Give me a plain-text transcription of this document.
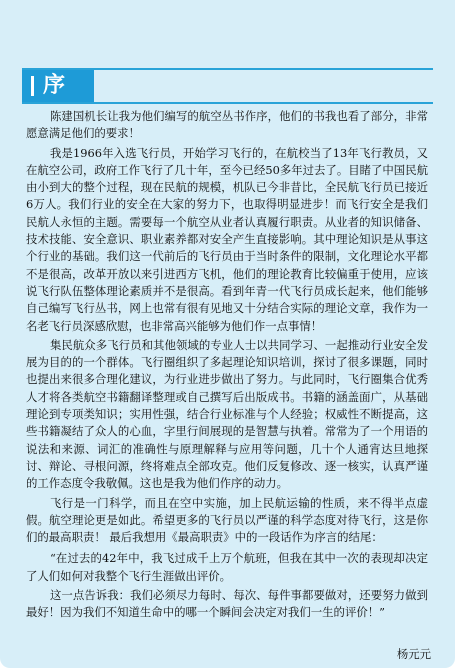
序

陈建国机长让我为他们编写的航空丛书作序，他们的书我也看了部分，非常愿意满足他们的要求！

我是1966年入选飞行员，开始学习飞行的，在航校当了13年飞行教员，又在航空公司，政府工作飞行了几十年，至今已经50多年过去了。目睹了中国民航由小到大的整个过程，现在民航的规模，机队已今非昔比，全民航飞行员已接近6万人。我们行业的安全在大家的努力下，也取得明显进步！而飞行安全是我们民航人永恒的主题。需要每一个航空从业者认真履行职责。从业者的知识储备、技术技能、安全意识、职业素养都对安全产生直接影响。其中理论知识是从事这个行业的基础。我们这一代前后的飞行员由于当时条件的限制，文化理论水平都不是很高，改革开放以来引进西方飞机，他们的理论教育比较偏重于使用，应该说飞行队伍整体理论素质并不是很高。看到年青一代飞行员成长起来，他们能够自己编写飞行丛书，网上也常有很有见地又十分结合实际的理论文章，我作为一名老飞行员深感欣慰，也非常高兴能够为他们作一点事情！

集民航众多飞行员和其他领域的专业人士以共同学习、一起推动行业安全发展为目的的一个群体。飞行圈组织了多起理论知识培训，探讨了很多课题，同时也提出来很多合理化建议，为行业进步做出了努力。与此同时，飞行圈集合优秀人才将各类航空书籍翻译整理或自己撰写后出版成书。书籍的涵盖面广，从基础理论到专项类知识；实用性强，结合行业标准与个人经验；权威性不断提高，这些书籍凝结了众人的心血，字里行间展现的是智慧与执着。常常为了一个用语的说法和来源、词汇的准确性与原理解释与应用等问题，几十个人通宵达旦地探讨、辩论、寻根问源，终将难点全部攻克。他们反复修改、逐一核实，认真严谨的工作态度令我敬佩。这也是我为他们作序的动力。

飞行是一门科学，而且在空中实施，加上民航运输的性质，来不得半点虚假。航空理论更是如此。希望更多的飞行员以严谨的科学态度对待飞行，这是你们的最高职责！ 最后我想用《最高职责》中的一段话作为序言的结尾：

“在过去的42年中，我飞过成千上万个航班，但我在其中一次的表现却决定了人们如何对我整个飞行生涯做出评价。

这一点告诉我：我们必须尽力每时、每次、每件事都要做对，还要努力做到最好！因为我们不知道生命中的哪一个瞬间会决定对我们一生的评价！”

杨元元
